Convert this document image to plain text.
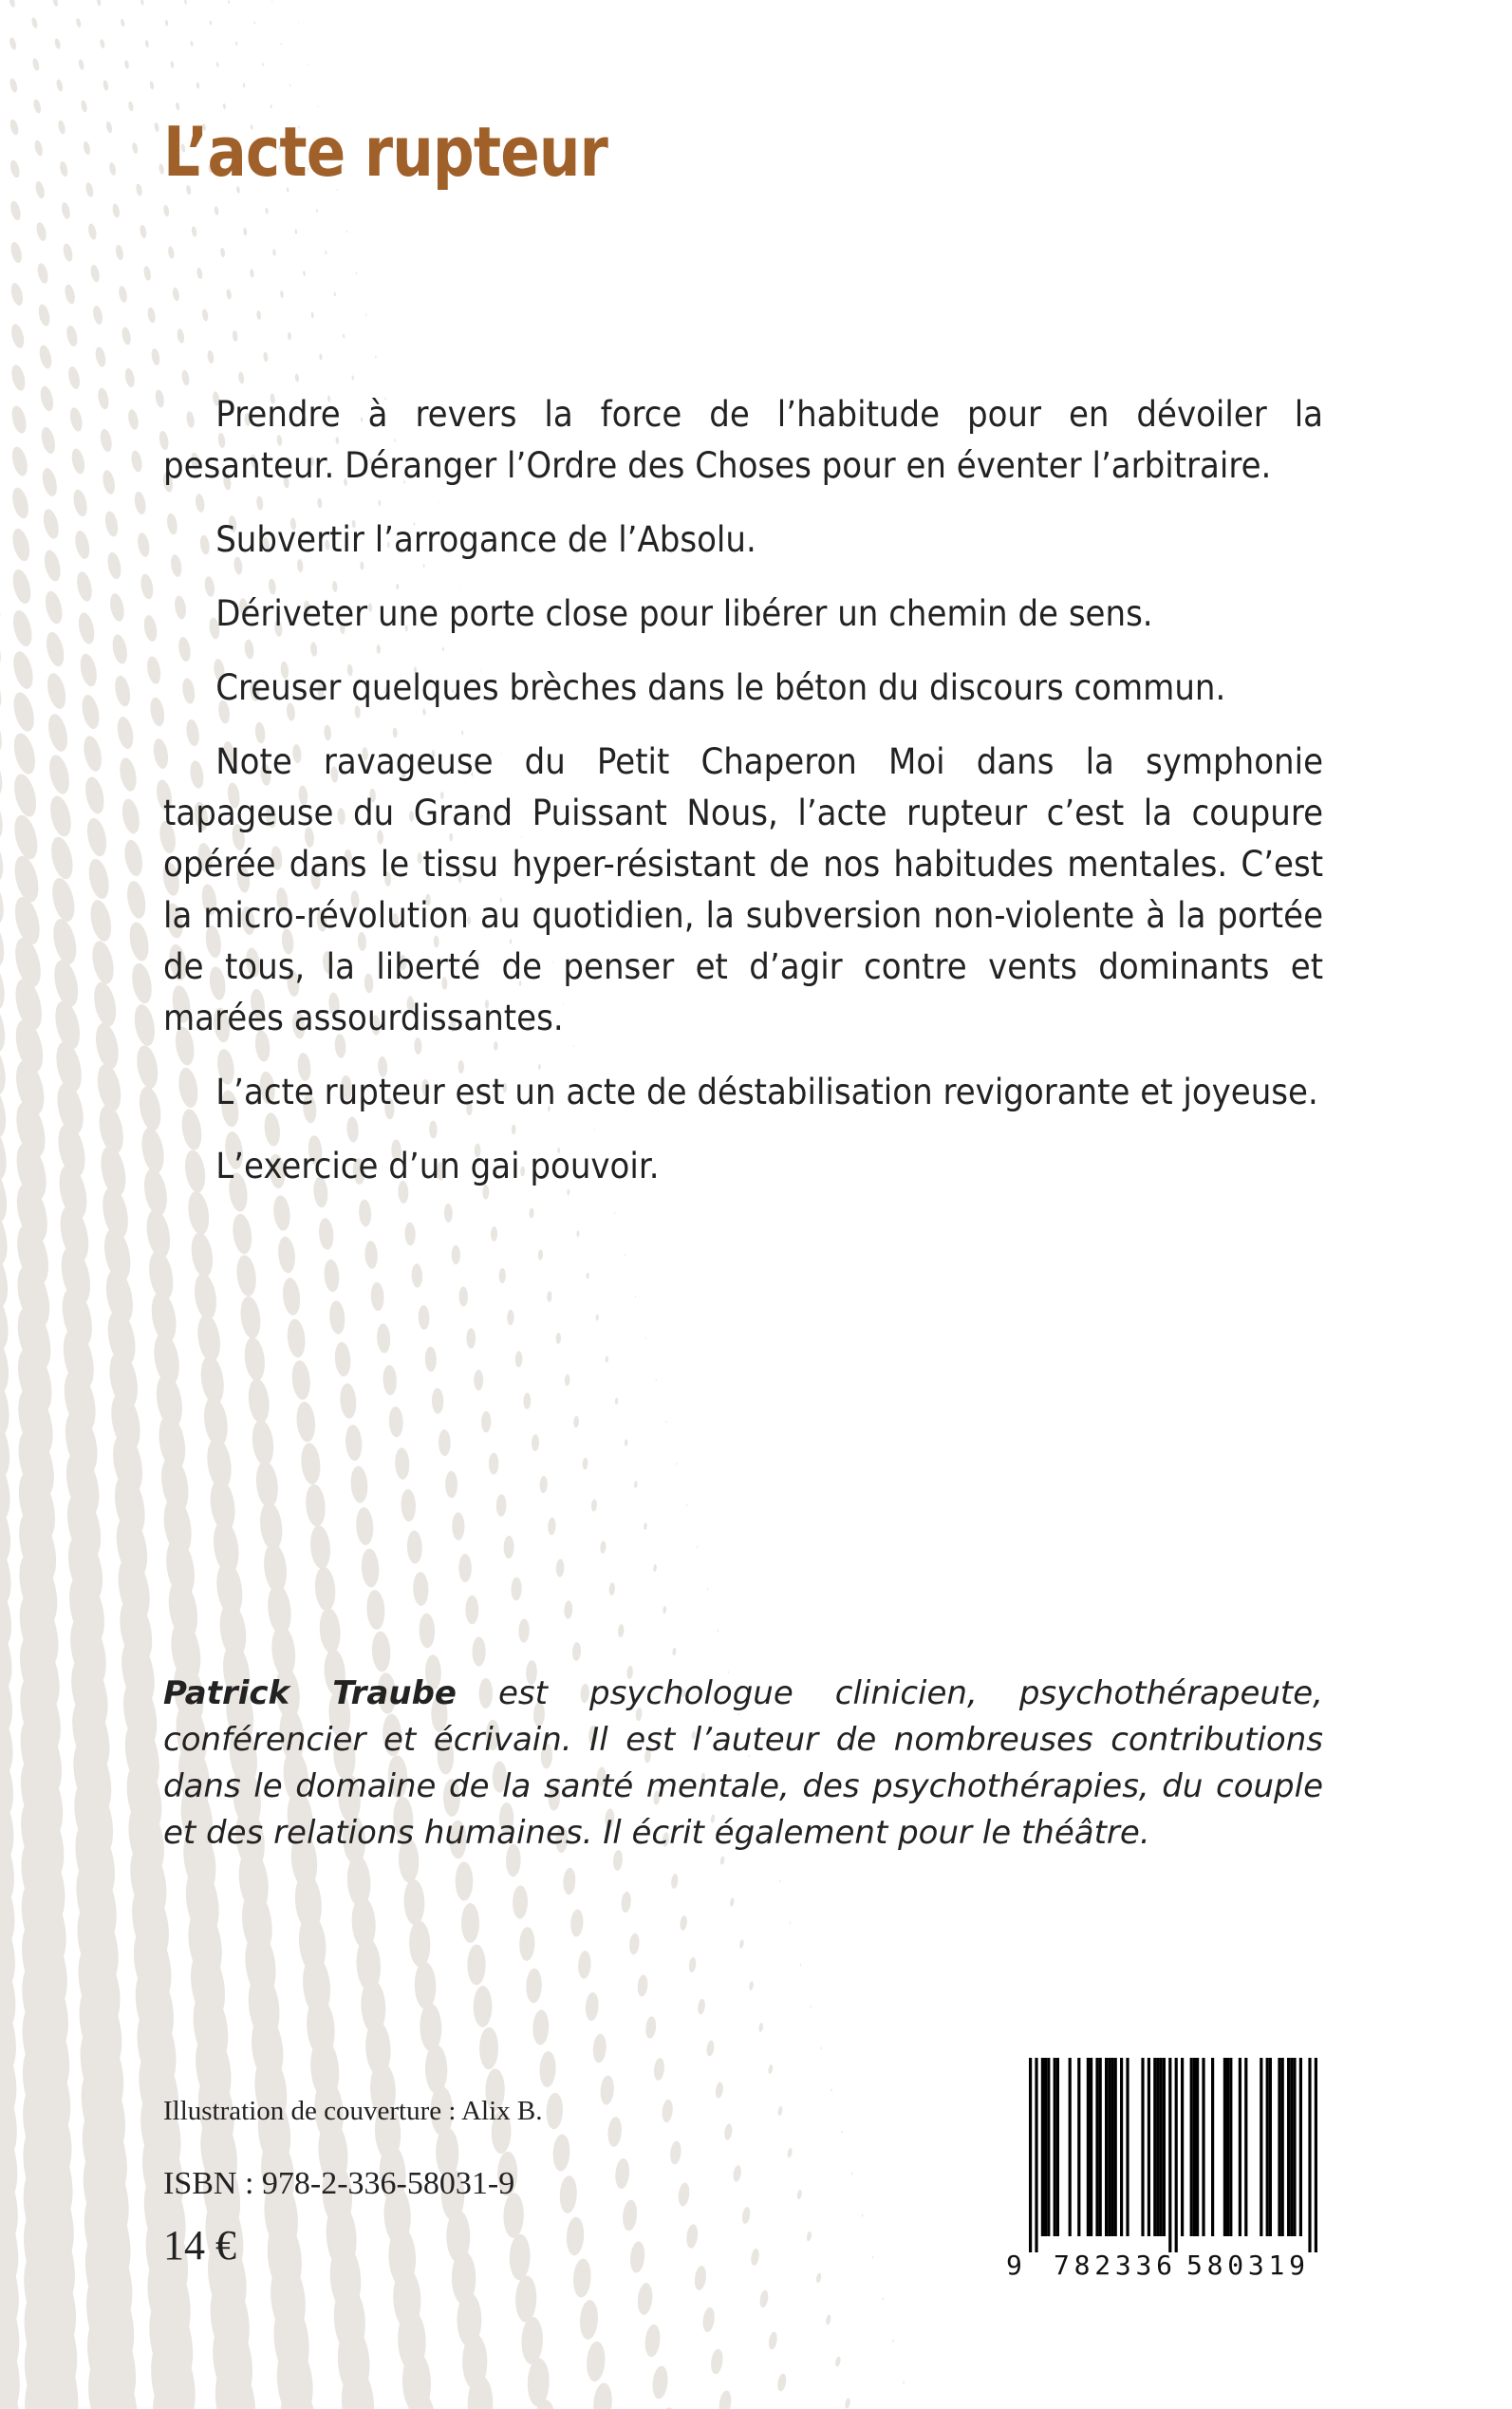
L’acte rupteur

Prendre à revers la force de l’habitude pour en dévoiler la pesanteur. Déranger l’Ordre des Choses pour en éventer l’arbitraire.

Subvertir l’arrogance de l’Absolu.

Dériveter une porte close pour libérer un chemin de sens.

Creuser quelques brèches dans le béton du discours commun.

Note ravageuse du Petit Chaperon Moi dans la symphonie tapageuse du Grand Puissant Nous, l’acte rupteur c’est la coupure opérée dans le tissu hyper-résistant de nos habitudes mentales. C’est la micro-révolution au quotidien, la subversion non-violente à la portée de tous, la liberté de penser et d’agir contre vents dominants et marées assourdissantes.

L’acte rupteur est un acte de déstabilisation revigorante et joyeuse.

L’exercice d’un gai pouvoir.

Patrick Traube est psychologue clinicien, psychothérapeute, conférencier et écrivain. Il est l’auteur de nombreuses contributions dans le domaine de la santé mentale, des psychothérapies, du couple et des relations humaines. Il écrit également pour le théâtre.
Illustration de couverture : Alix B.
ISBN : 978-2-336-58031-9
14 €	9 782336 580319
